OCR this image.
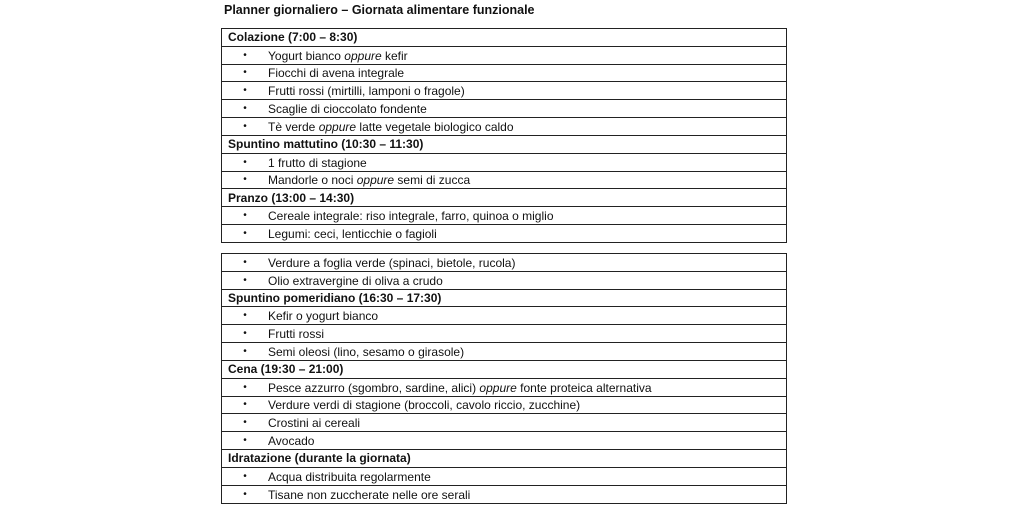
Planner giornaliero – Giornata alimentare funzionale
Colazione (7:00 – 8:30)
• Yogurt bianco oppure kefir
• Fiocchi di avena integrale
• Frutti rossi (mirtilli, lamponi o fragole)
• Scaglie di cioccolato fondente
• Tè verde oppure latte vegetale biologico caldo
Spuntino mattutino (10:30 – 11:30)
• 1 frutto di stagione
• Mandorle o noci oppure semi di zucca
Pranzo (13:00 – 14:30)
• Cereale integrale: riso integrale, farro, quinoa o miglio
• Legumi: ceci, lenticchie o fagioli
• Verdure a foglia verde (spinaci, bietole, rucola)
• Olio extravergine di oliva a crudo
Spuntino pomeridiano (16:30 – 17:30)
• Kefir o yogurt bianco
• Frutti rossi
• Semi oleosi (lino, sesamo o girasole)
Cena (19:30 – 21:00)
• Pesce azzurro (sgombro, sardine, alici) oppure fonte proteica alternativa
• Verdure verdi di stagione (broccoli, cavolo riccio, zucchine)
• Crostini ai cereali
• Avocado
Idratazione (durante la giornata)
• Acqua distribuita regolarmente
• Tisane non zuccherate nelle ore serali
